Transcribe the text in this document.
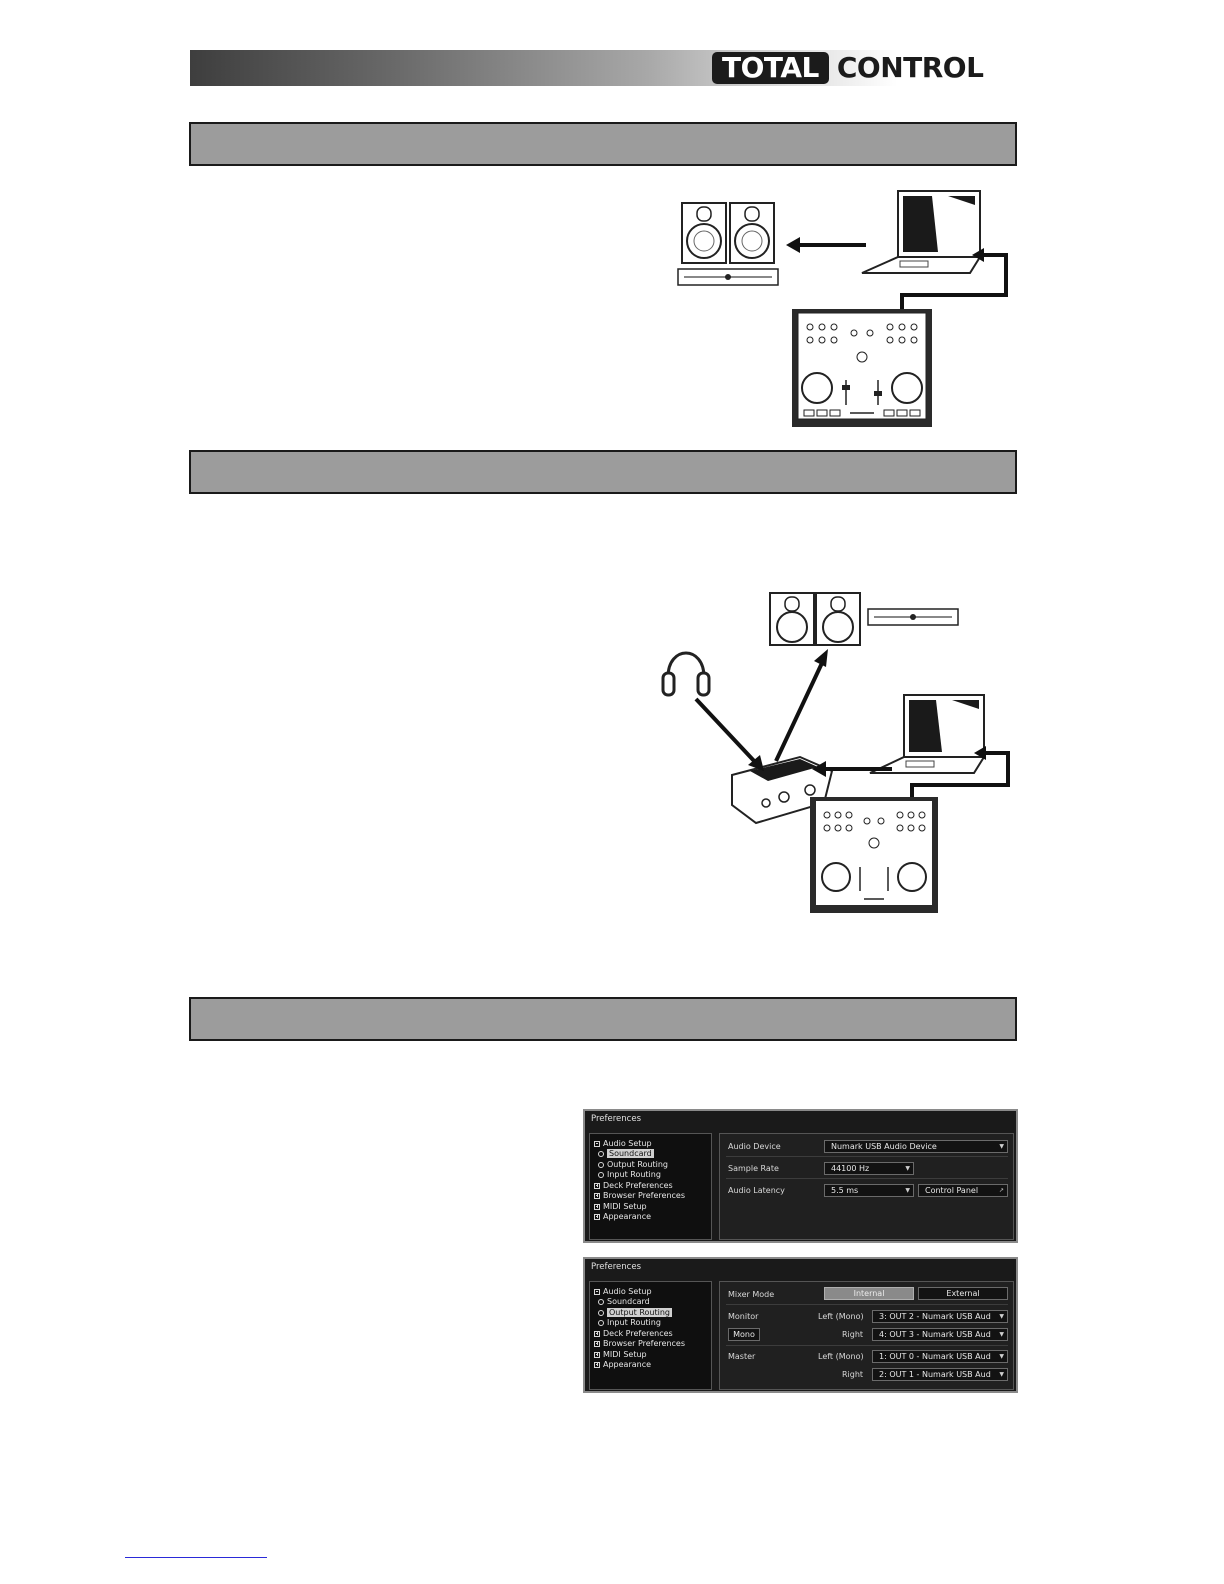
TOTAL CONTROL
Preferences
Audio Setup
Soundcard
Output Routing
Input Routing
Deck Preferences
Browser Preferences
MIDI Setup
Appearance
Audio Device	Numark USB Audio Device	▼
Sample Rate	44100 Hz	▼
Audio Latency	5.5 ms	▼	Control Panel	↗
Preferences
Audio Setup
Soundcard
Output Routing
Input Routing
Deck Preferences
Browser Preferences
MIDI Setup
Appearance
Mixer Mode	Internal	External
Monitor	Left (Mono)	3: OUT 2 - Numark USB Aud ▼
Mono	Right	4: OUT 3 - Numark USB Aud ▼
Master	Left (Mono)	1: OUT 0 - Numark USB Aud ▼
Right	2: OUT 1 - Numark USB Aud ▼
